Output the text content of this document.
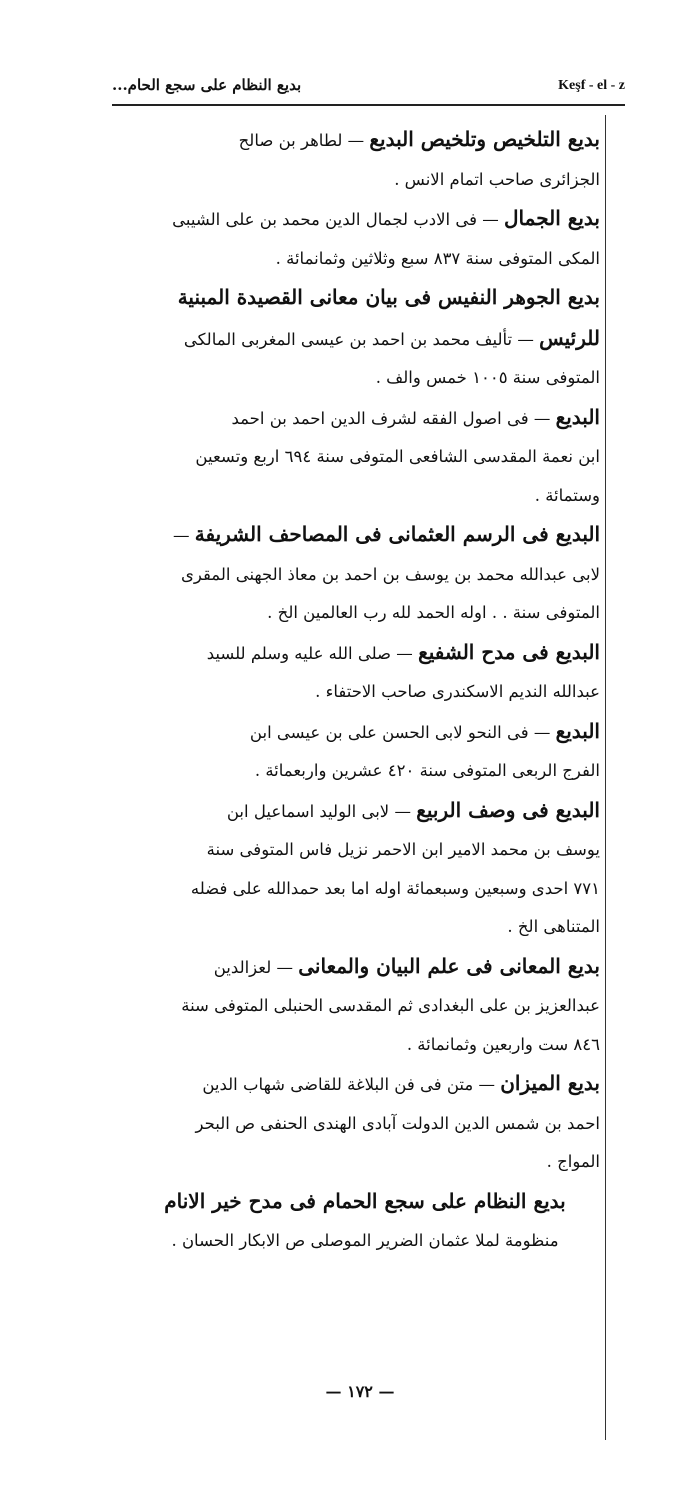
بديع النظام على سجع الحام...	Keşf - el - z

بديع التلخيص وتلخيص البديع — لطاهر بن صالح

الجزائرى صاحب اتمام الانس .

بديع الجمال — فى الادب لجمال الدين محمد بن على الشيبى

المكى المتوفى سنة ٨٣٧ سبع وثلاثين وثمانمائة .

بديع الجوهر النفيس فى بيان معانى القصيدة المبنية للرئيس — تأليف محمد بن احمد بن عيسى المغربى المالكى

المتوفى سنة ١٠٠٥ خمس والف .

البديع — فى اصول الفقه لشرف الدين احمد بن احمد

ابن نعمة المقدسى الشافعى المتوفى سنة ٦٩٤ اربع وتسعين

وستمائة .

البديع فى الرسم العثمانى فى المصاحف الشريفة —

لابى عبدالله محمد بن يوسف بن احمد بن معاذ الجهنى المقرى

المتوفى سنة . . اوله الحمد لله رب العالمين الخ .

البديع فى مدح الشفيع — صلى الله عليه وسلم للسيد

عبدالله النديم الاسكندرى صاحب الاحتفاء .

البديع — فى النحو لابى الحسن على بن عيسى ابن

الفرج الربعى المتوفى سنة ٤٢٠ عشرين واربعمائة .

البديع فى وصف الربيع — لابى الوليد اسماعيل ابن

يوسف بن محمد الامير ابن الاحمر نزيل فاس المتوفى سنة

٧٧١ احدى وسبعين وسبعمائة اوله اما بعد حمدالله على فضله

المتناهى الخ .

بديع المعانى فى علم البيان والمعانى — لعزالدين

عبدالعزيز بن على البغدادى ثم المقدسى الحنبلى المتوفى سنة

٨٤٦ ست واربعين وثمانمائة .

بديع الميزان — متن فى فن البلاغة للقاضى شهاب الدين

احمد بن شمس الدين الدولت آبادى الهندى الحنفى ص البحر

المواج .

بديع النظام على سجع الحمام فى مدح خير الانام

منظومة لملا عثمان الضرير الموصلى ص الابكار الحسان .

— ١٧٢ —
